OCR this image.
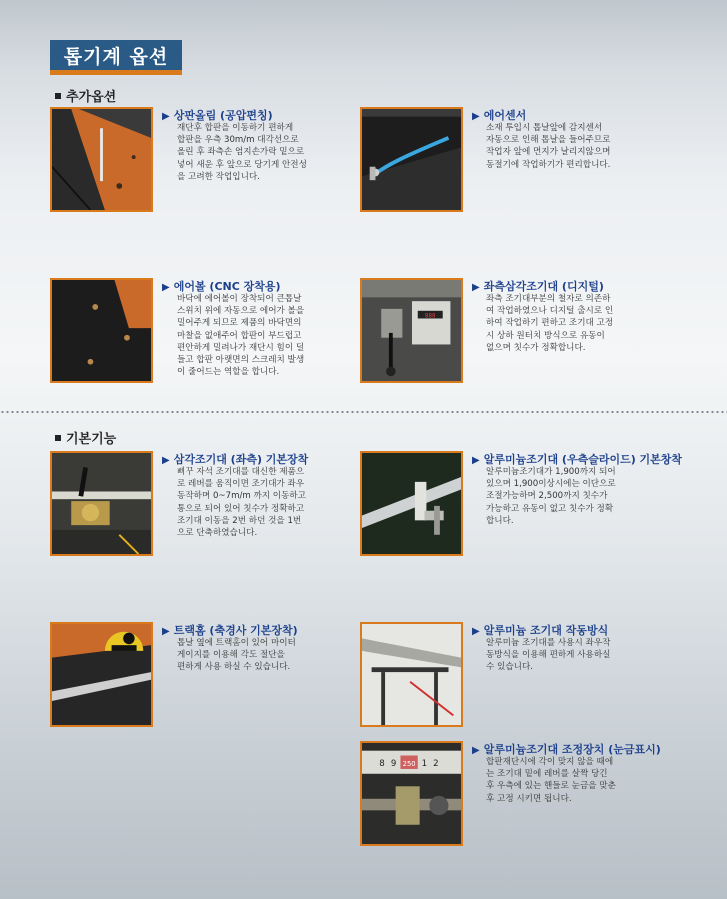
톱기계 옵션
추가옵션
기본기능
▶ 상판올림 (공압편칭)
재단후 합판을 이동하기 편하게
합판을 우측 30m/m 대각선으로
올린 후 좌측손 엄지손가락 밑으로
넣어 새운 후 앞으로 당기게 안전성
을 고려한 작업입니다.
▶ 에어센서
소재 투입시 톱날앞에 감지센서
자동으로 인해 톱날을 들어주므로
작업자 앞에 먼지가 날리지않으며
동절기에 작업하기가 편리합니다.
▶ 에어볼 (CNC 장착용)
바닥에 에어볼이 장착되어 큰톱날
스위치 위에 자동으로 에어가 볼을
밀어주게 되므로 제품의 바닥면의
마찰을 없애주어 합판이 부드럽고
편안하게 밀려나가 재단시 힘이 덜
들고 합판 아랫면의 스크레치 발생
이 줄어드는 역할을 합니다.
888
▶ 좌측삼각조기대 (디지털)
좌측 조기대부분의 철자로 의존하
여 작업하였으나 디지털 출시로 인
하여 작업하기 편하고 조기대 고정
시 상하 원터치 방식으로 유동이
없으며 칫수가 정확합니다.
▶ 삼각조기대 (좌측) 기본장착
삐꾸 자석 조기대를 대신한 제품으
로 레버를 움직이면 조기대가 좌우
동작하며 0~7m/m 까지 이동하고
통으로 되어 있어 칫수가 정확하고
조기대 이동을 2번 하던 것을 1번
으로 단축하였습니다.
▶ 알루미늄조기대 (우측슬라이드) 기본창착
알루미늄조기대가 1,900까지 되어
있으며 1,900이상시에는 이단으로
조절가능하며 2,500까지 칫수가
가능하고 유동이 없고 칫수가 정확
합니다.
▶ 트랙홈 (축경사 기본장착)
톱날 옆에 트랙홈이 있어 마이터
게이지를 이용해 각도 절단을
편하게 사용 하실 수 있습니다.
▶ 알루미늄 조기대 작동방식
알루미늄 조기대를 사용시 좌우작
동방식을 이용해 편하게 사용하실
수 있습니다.
8 9 250 1 2
▶ 알루미늄조기대 조정장치 (눈금표시)
합판재단시에 각이 맞지 않을 때에
는 조기대 밑에 레버를 살짝 당긴
후 우측에 있는 핸들로 눈금을 맞춘
후 고정 시키면 됩니다.
